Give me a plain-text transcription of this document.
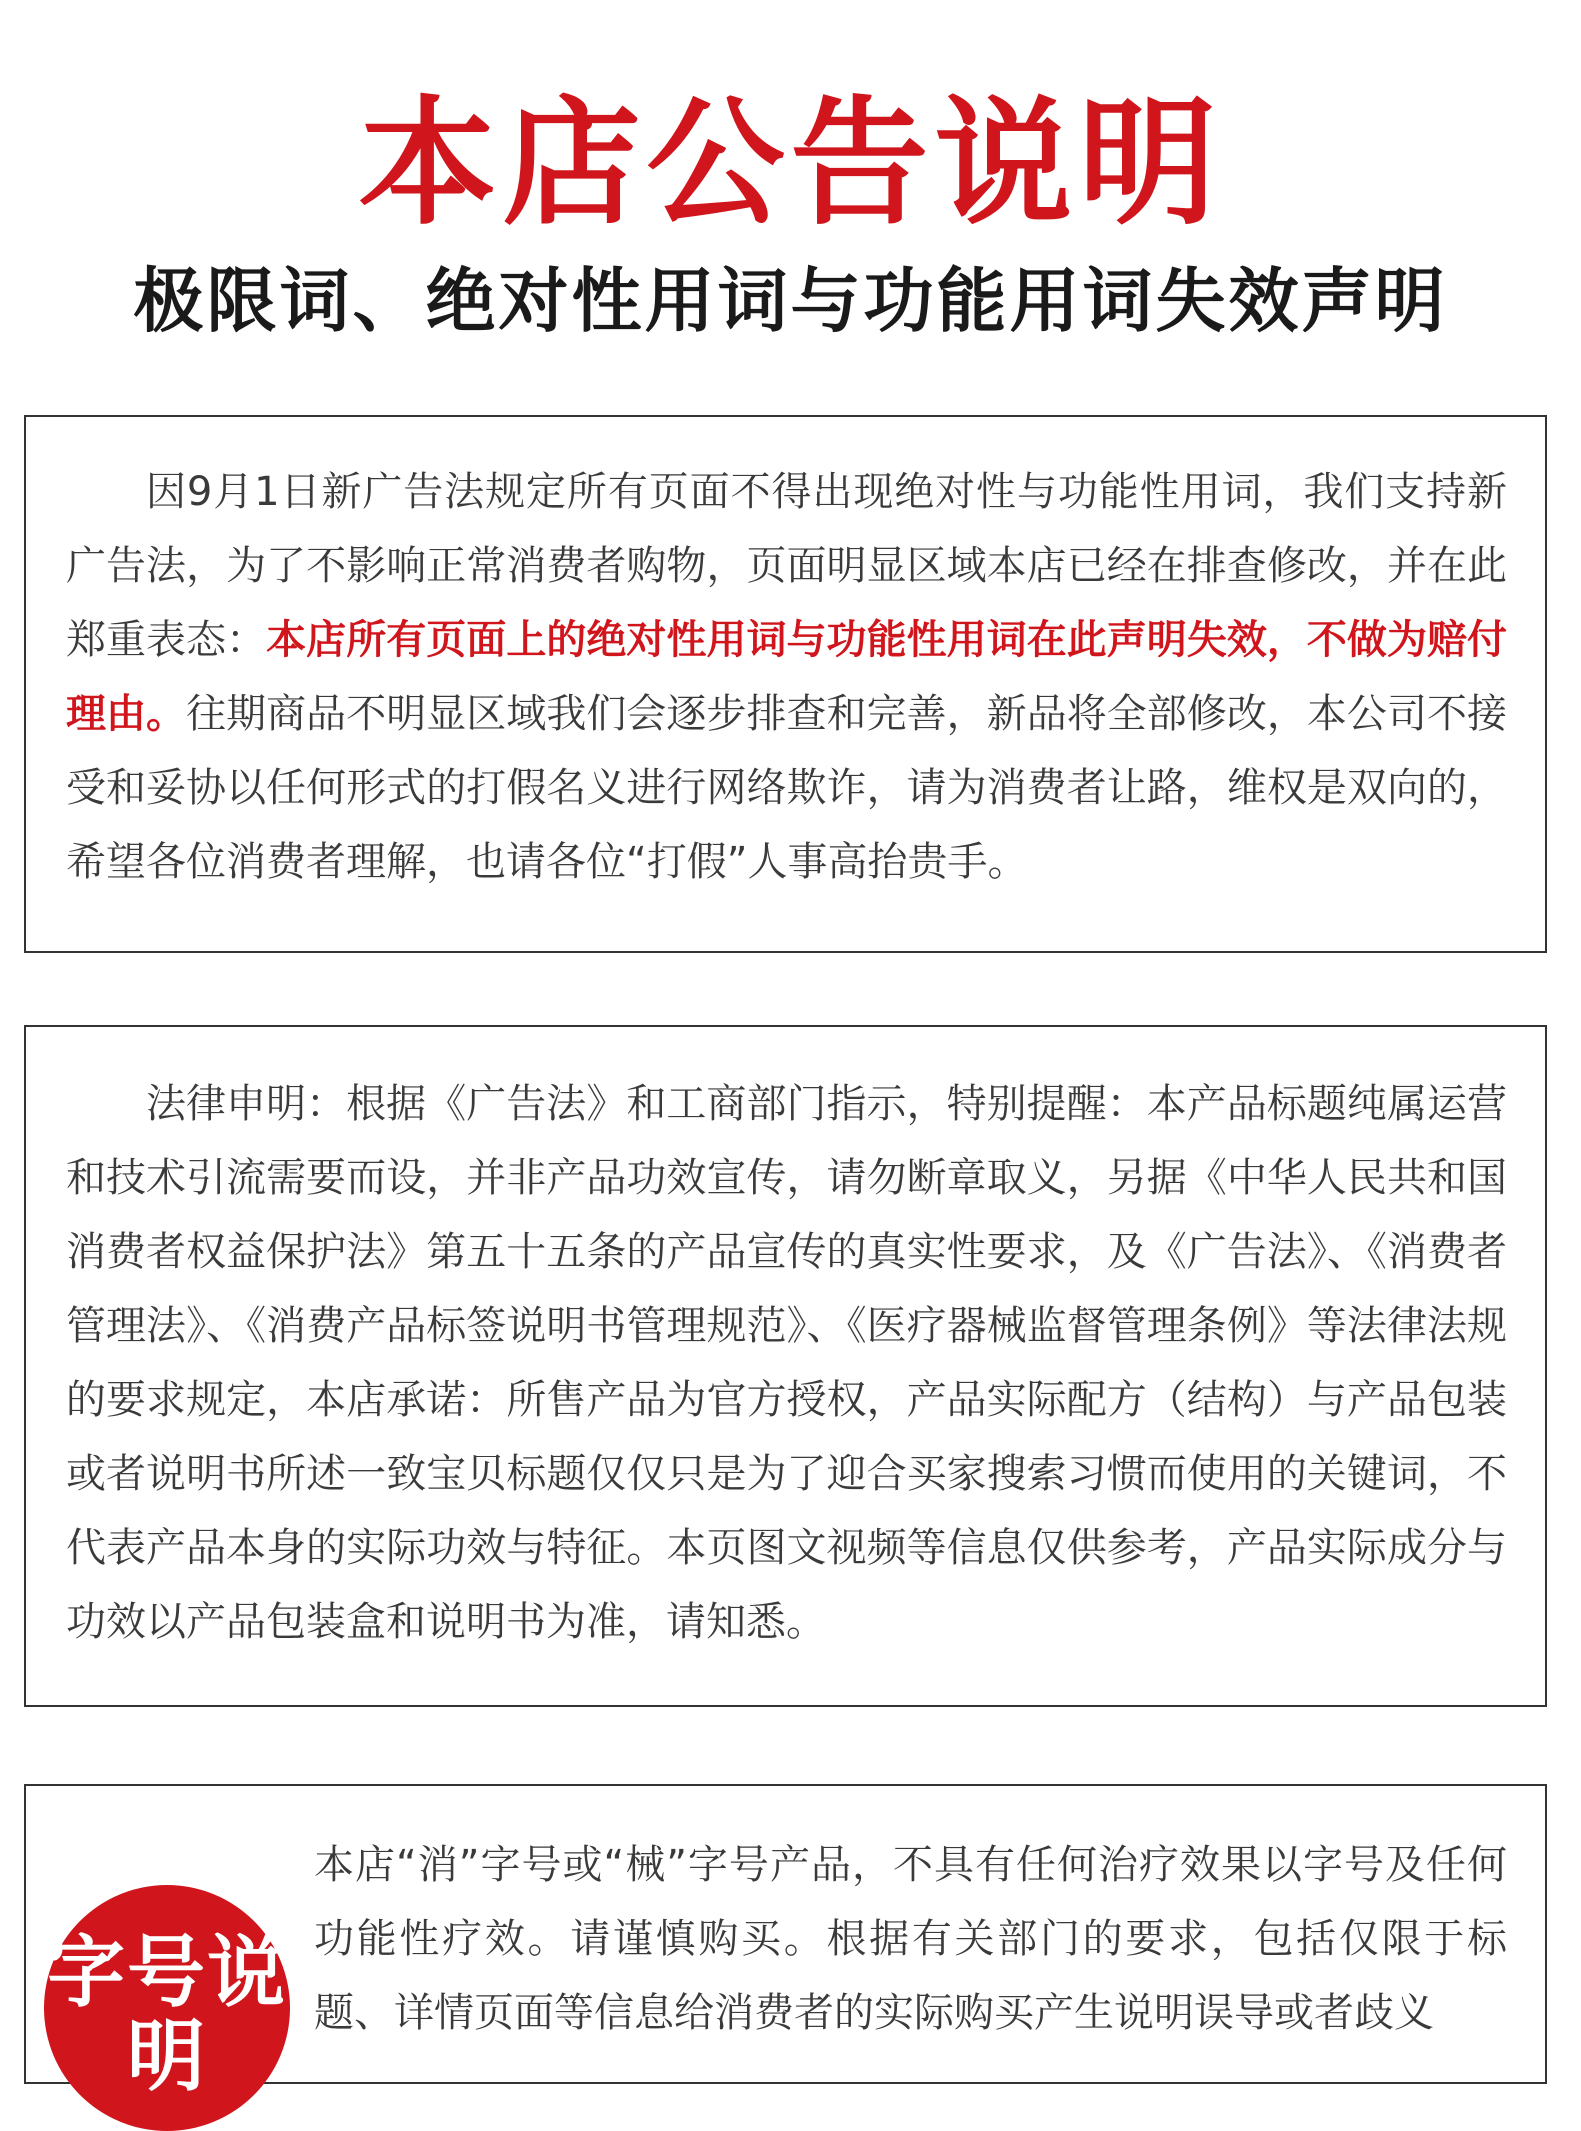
本店公告说明
极限词、绝对性用词与功能用词失效声明

因9月1日新广告法规定所有页面不得出现绝对性与功能性用词，我们支持新广告法，为了不影响正常消费者购物，页面明显区域本店已经在排查修改，并在此郑重表态：本店所有页面上的绝对性用词与功能性用词在此声明失效，不做为赔付理由。往期商品不明显区域我们会逐步排查和完善，新品将全部修改，本公司不接受和妥协以任何形式的打假名义进行网络欺诈，请为消费者让路，维权是双向的，希望各位消费者理解，也请各位“打假”人事高抬贵手。

法律申明：根据《广告法》和工商部门指示，特别提醒：本产品标题纯属运营和技术引流需要而设，并非产品功效宣传，请勿断章取义，另据《中华人民共和国消费者权益保护法》第五十五条的产品宣传的真实性要求，及《广告法》、《消费者管理法》、《消费产品标签说明书管理规范》、《医疗器械监督管理条例》等法律法规的要求规定，本店承诺：所售产品为官方授权，产品实际配方（结构）与产品包装或者说明书所述一致宝贝标题仅仅只是为了迎合买家搜索习惯而使用的关键词，不代表产品本身的实际功效与特征。本页图文视频等信息仅供参考，产品实际成分与功效以产品包装盒和说明书为准，请知悉。

本店“消”字号或“械”字号产品，不具有任何治疗效果以字号及任何功能性疗效。请谨慎购买。根据有关部门的要求，包括仅限于标题、详情页面等信息给消费者的实际购买产生说明误导或者歧义

字号说明
